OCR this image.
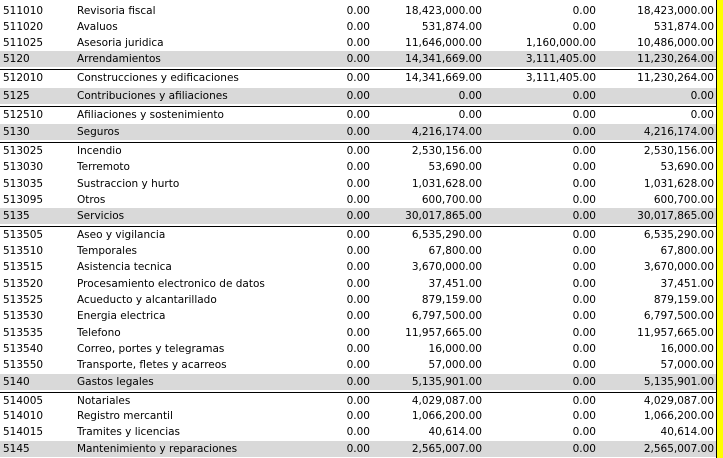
511010	Revisoria fiscal	0.00	18,423,000.00	0.00	18,423,000.00
511020	Avaluos	0.00	531,874.00	0.00	531,874.00
511025	Asesoria juridica	0.00	11,646,000.00	1,160,000.00	10,486,000.00
5120	Arrendamientos	0.00	14,341,669.00	3,111,405.00	11,230,264.00
512010	Construcciones y edificaciones	0.00	14,341,669.00	3,111,405.00	11,230,264.00
5125	Contribuciones y afiliaciones	0.00	0.00	0.00	0.00
512510	Afiliaciones y sostenimiento	0.00	0.00	0.00	0.00
5130	Seguros	0.00	4,216,174.00	0.00	4,216,174.00
513025	Incendio	0.00	2,530,156.00	0.00	2,530,156.00
513030	Terremoto	0.00	53,690.00	0.00	53,690.00
513035	Sustraccion y hurto	0.00	1,031,628.00	0.00	1,031,628.00
513095	Otros	0.00	600,700.00	0.00	600,700.00
5135	Servicios	0.00	30,017,865.00	0.00	30,017,865.00
513505	Aseo y vigilancia	0.00	6,535,290.00	0.00	6,535,290.00
513510	Temporales	0.00	67,800.00	0.00	67,800.00
513515	Asistencia tecnica	0.00	3,670,000.00	0.00	3,670,000.00
513520	Procesamiento electronico de datos	0.00	37,451.00	0.00	37,451.00
513525	Acueducto y alcantarillado	0.00	879,159.00	0.00	879,159.00
513530	Energia electrica	0.00	6,797,500.00	0.00	6,797,500.00
513535	Telefono	0.00	11,957,665.00	0.00	11,957,665.00
513540	Correo, portes y telegramas	0.00	16,000.00	0.00	16,000.00
513550	Transporte, fletes y acarreos	0.00	57,000.00	0.00	57,000.00
5140	Gastos legales	0.00	5,135,901.00	0.00	5,135,901.00
514005	Notariales	0.00	4,029,087.00	0.00	4,029,087.00
514010	Registro mercantil	0.00	1,066,200.00	0.00	1,066,200.00
514015	Tramites y licencias	0.00	40,614.00	0.00	40,614.00
5145	Mantenimiento y reparaciones	0.00	2,565,007.00	0.00	2,565,007.00
